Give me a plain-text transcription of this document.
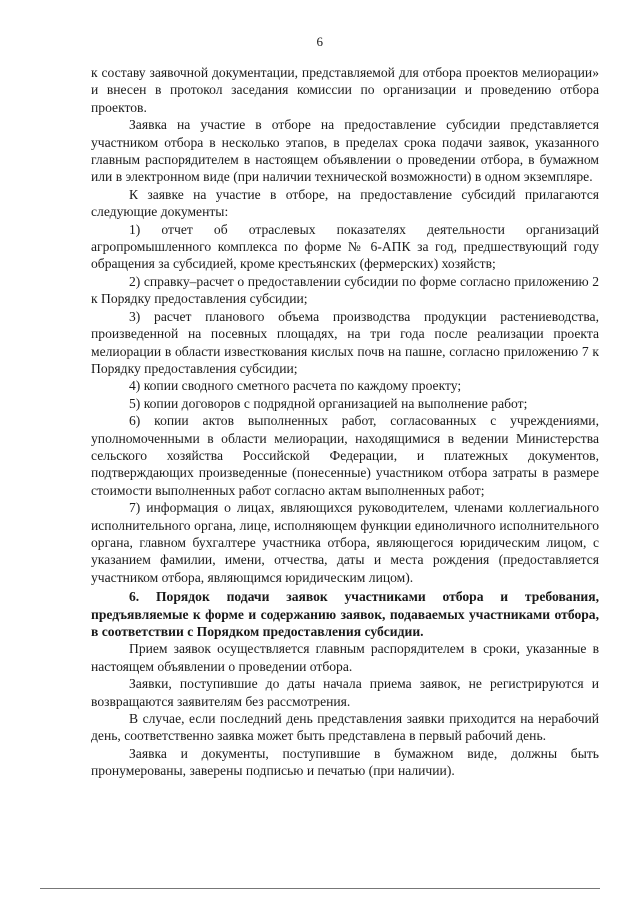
6

к составу заявочной документации, представляемой для отбора проектов мелиорации» и внесен в протокол заседания комиссии по организации и проведению отбора проектов.

Заявка на участие в отборе на предоставление субсидии представляется участником отбора в несколько этапов, в пределах срока подачи заявок, указанного главным распорядителем в настоящем объявлении о проведении отбора, в бумажном или в электронном виде (при наличии технической возможности) в одном экземпляре.

К заявке на участие в отборе, на предоставление субсидий прилагаются следующие документы:

1) отчет об отраслевых показателях деятельности организаций агропромышленного комплекса по форме № 6-АПК за год, предшествующий году обращения за субсидией, кроме крестьянских (фермерских) хозяйств;

2) справку–расчет о предоставлении субсидии по форме согласно приложению 2 к Порядку предоставления субсидии;

3) расчет планового объема производства продукции растениеводства, произведенной на посевных площадях, на три года после реализации проекта мелиорации в области известкования кислых почв на пашне, согласно приложению 7 к Порядку предоставления субсидии;

4) копии сводного сметного расчета по каждому проекту;

5) копии договоров с подрядной организацией на выполнение работ;

6) копии актов выполненных работ, согласованных с учреждениями, уполномоченными в области мелиорации, находящимися в ведении Министерства сельского хозяйства Российской Федерации, и платежных документов, подтверждающих произведенные (понесенные) участником отбора затраты в размере стоимости выполненных работ согласно актам выполненных работ;

7) информация о лицах, являющихся руководителем, членами коллегиального исполнительного органа, лице, исполняющем функции единоличного исполнительного органа, главном бухгалтере участника отбора, являющегося юридическим лицом, с указанием фамилии, имени, отчества, даты и места рождения (предоставляется участником отбора, являющимся юридическим лицом).

6. Порядок подачи заявок участниками отбора и требования, предъявляемые к форме и содержанию заявок, подаваемых участниками отбора, в соответствии с Порядком предоставления субсидии.

Прием заявок осуществляется главным распорядителем в сроки, указанные в настоящем объявлении о проведении отбора.

Заявки, поступившие до даты начала приема заявок, не регистрируются и возвращаются заявителям без рассмотрения.

В случае, если последний день представления заявки приходится на нерабочий день, соответственно заявка может быть представлена в первый рабочий день.

Заявка и документы, поступившие в бумажном виде, должны быть пронумерованы, заверены подписью и печатью (при наличии).
